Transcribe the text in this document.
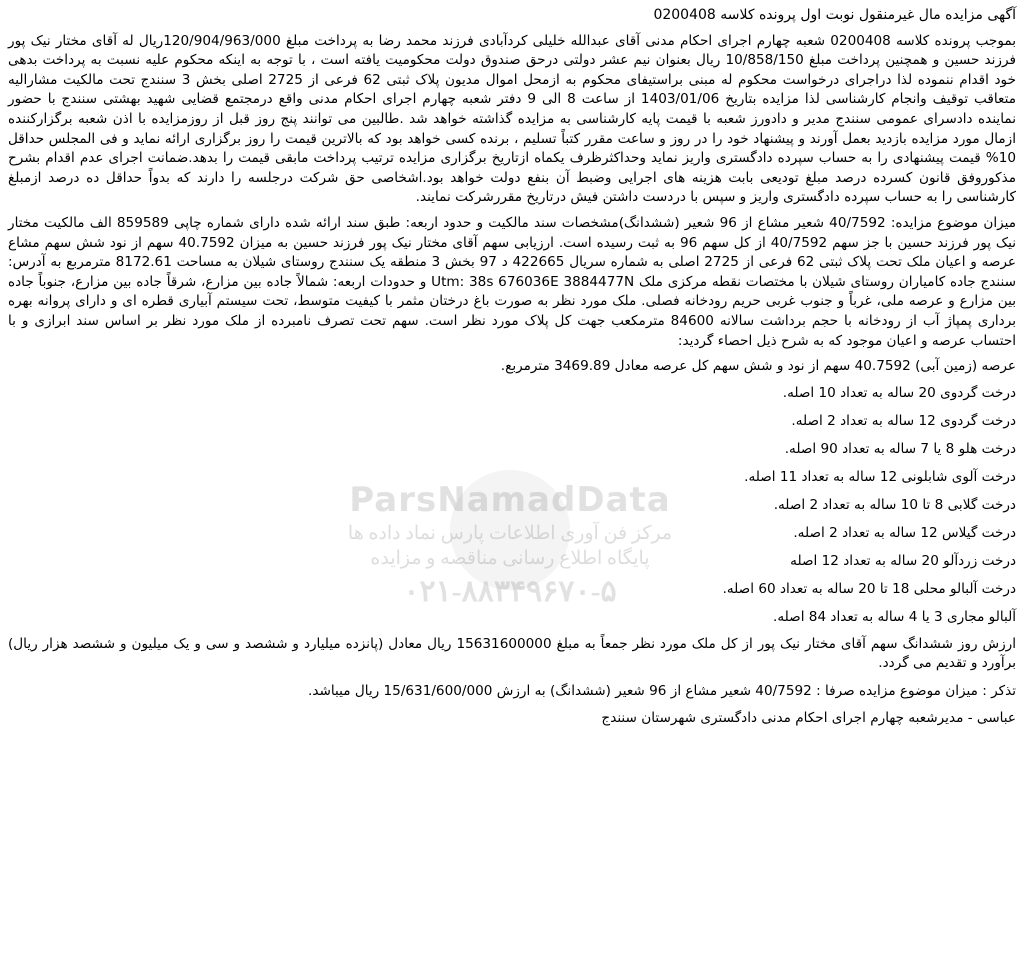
آگهی مزایده مال غیرمنقول نوبت اول پرونده کلاسه 0200408

بموجب پرونده کلاسه 0200408 شعبه چهارم اجرای احکام مدنی آقای عبدالله خلیلی کردآبادی فرزند محمد رضا به پرداخت مبلغ 120/904/963/000ریال له آقای مختار نیک پور فرزند حسین و همچنین پرداخت مبلغ 10/858/150 ریال بعنوان نیم عشر دولتی درحق صندوق دولت محکومیت یافته است ، با توجه به اینکه محکوم علیه نسبت به پرداخت بدهی خود اقدام ننموده لذا دراجرای درخواست محکوم له مبنی براستیفای محکوم به ازمحل اموال مدیون پلاک ثبتی 62 فرعی از 2725 اصلی بخش 3 سنندج تحت مالکیت مشارالیه متعاقب توقیف وانجام کارشناسی لذا مزایده بتاریخ 1403/01/06 از ساعت 8 الی 9 دفتر شعبه چهارم اجرای احکام مدنی واقع درمجتمع قضایی شهید بهشتی سنندج با حضور نماینده دادسرای عمومی سنندج مدیر و دادورز شعبه با قیمت پایه کارشناسی به مزایده گذاشته خواهد شد .طالبین می توانند پنج روز قبل از روزمزایده با اذن شعبه برگزارکننده ازمال مورد مزایده بازدید بعمل آورند و پیشنهاد خود را در روز و ساعت مقرر کتباً تسلیم ، برنده کسی خواهد بود که بالاترین قیمت را روز برگزاری ارائه نماید و فی المجلس حداقل 10% قیمت پیشنهادی را به حساب سپرده دادگستری واریز نماید وحداکثرظرف یکماه ازتاریخ برگزاری مزایده ترتیب پرداخت مابقی قیمت را بدهد.ضمانت اجرای عدم اقدام بشرح مذکوروفق قانون کسرده درصد مبلغ تودیعی بابت هزینه های اجرایی وضبط آن بنفع دولت خواهد بود.اشخاصی حق شرکت درجلسه را دارند که بدواً حداقل ده درصد ازمبلغ کارشناسی را به حساب سپرده دادگستری واریز و سپس با دردست داشتن فیش درتاریخ مقررشرکت نمایند.

میزان موضوع مزایده: 40/7592 شعیر مشاع از 96 شعیر (ششدانگ)مشخصات سند مالکیت و حدود اربعه: طبق سند ارائه شده دارای شماره چاپی 859589 الف مالکیت مختار نیک پور فرزند حسین با جز سهم 40/7592 از کل سهم 96 به ثبت رسیده است. ارزیابی سهم آقای مختار نیک پور فرزند حسین به میزان 40.7592 سهم از نود شش سهم مشاع عرصه و اعیان ملک تحت پلاک ثبتی 62 فرعی از 2725 اصلی به شماره سریال 422665 د 97 بخش 3 منطقه یک سنندج روستای شیلان به مساحت 8172.61 مترمربع به آدرس: سنندج جاده کامیاران روستای شیلان با مختصات نقطه مرکزی ملک Utm: 38s 676036E 3884477N و حدودات اربعه: شمالاً جاده بین مزارع، شرقاً جاده بین مزارع، جنوباً جاده بین مزارع و عرصه ملی، غرباً و جنوب غربی حریم رودخانه فصلی. ملک مورد نظر به صورت باغ درختان مثمر با کیفیت متوسط، تحت سیستم آبیاری قطره ای و دارای پروانه بهره برداری پمپاژ آب از رودخانه با حجم برداشت سالانه 84600 مترمکعب جهت کل پلاک مورد نظر است. سهم تحت تصرف نامبرده از ملک مورد نظر بر اساس سند ابرازی و با احتساب عرصه و اعیان موجود که به شرح ذیل احصاء گردید:

عرصه (زمین آبی) 40.7592 سهم از نود و شش سهم کل عرصه معادل 3469.89 مترمربع.

درخت گردوی 20 ساله به تعداد 10 اصله.
درخت گردوی 12 ساله به تعداد 2 اصله.
درخت هلو 8 یا 7 ساله به تعداد 90 اصله.
درخت آلوی شابلونی 12 ساله به تعداد 11 اصله.
درخت گلابی 8 تا 10 ساله به تعداد 2 اصله.
درخت گیلاس 12 ساله به تعداد 2 اصله.
درخت زردآلو 20 ساله به تعداد 12 اصله
درخت آلبالو محلی 18 تا 20 ساله به تعداد 60 اصله.
آلبالو مجاری 3 یا 4 ساله به تعداد 84 اصله.

ارزش روز ششدانگ سهم آقای مختار نیک پور از کل ملک مورد نظر جمعاً به مبلغ 15631600000 ریال معادل (پانزده میلیارد و ششصد و سی و یک میلیون و ششصد هزار ریال) برآورد و تقدیم می گردد.

تذکر : میزان موضوع مزایده صرفا : 40/7592 شعیر مشاع از 96 شعیر (ششدانگ) به ارزش 15/631/600/000 ریال میباشد.

عباسی - مدیرشعبه چهارم اجرای احکام مدنی دادگستری شهرستان سنندج

ParsNamadData
مرکز فن آوری اطلاعات پارس نماد داده ها
پایگاه اطلاع رسانی مناقصه و مزایده
۰۲۱-۸۸۳۴۹۶۷۰-۵
